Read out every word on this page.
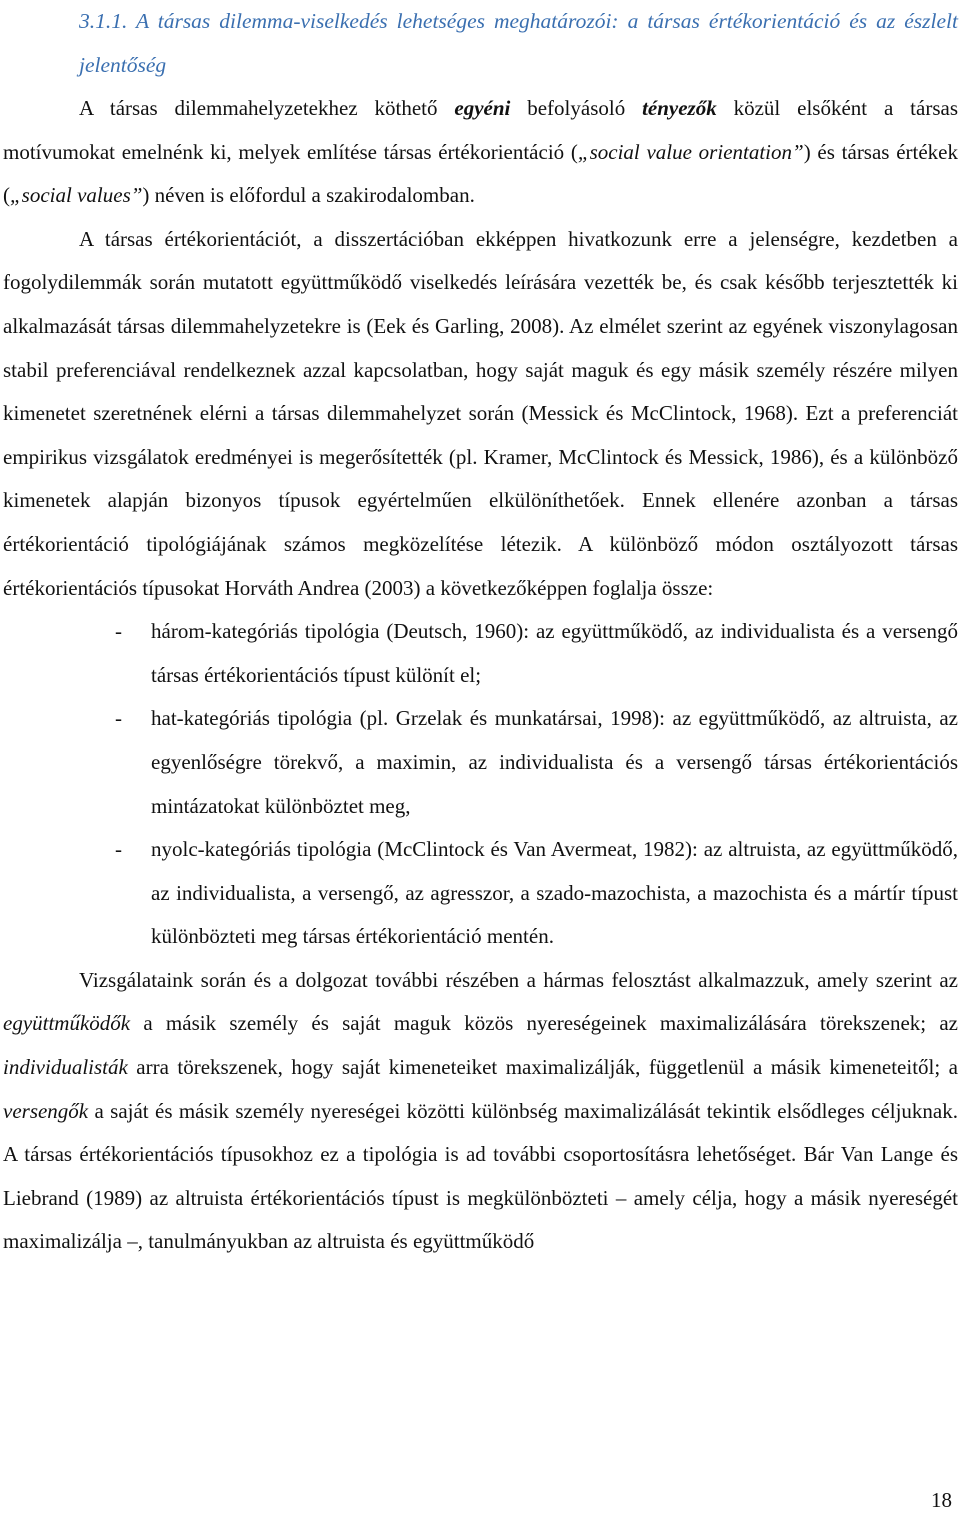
3.1.1. A társas dilemma-viselkedés lehetséges meghatározói: a társas értékorientáció és az észlelt jelentőség

A társas dilemmahelyzetekhez köthető egyéni befolyásoló tényezők közül elsőként a társas motívumokat emelnénk ki, melyek említése társas értékorientáció („social value orientation”) és társas értékek („social values”) néven is előfordul a szakirodalomban.

A társas értékorientációt, a disszertációban ekképpen hivatkozunk erre a jelenségre, kezdetben a fogolydilemmák során mutatott együttműködő viselkedés leírására vezették be, és csak később terjesztették ki alkalmazását társas dilemmahelyzetekre is (Eek és Garling, 2008). Az elmélet szerint az egyének viszonylagosan stabil preferenciával rendelkeznek azzal kapcsolatban, hogy saját maguk és egy másik személy részére milyen kimenetet szeretnének elérni a társas dilemmahelyzet során (Messick és McClintock, 1968). Ezt a preferenciát empirikus vizsgálatok eredményei is megerősítették (pl. Kramer, McClintock és Messick, 1986), és a különböző kimenetek alapján bizonyos típusok egyértelműen elkülöníthetőek. Ennek ellenére azonban a társas értékorientáció tipológiájának számos megközelítése létezik. A különböző módon osztályozott társas értékorientációs típusokat Horváth Andrea (2003) a következőképpen foglalja össze:

- három-kategóriás tipológia (Deutsch, 1960): az együttműködő, az individualista és a versengő társas értékorientációs típust különít el;
- hat-kategóriás tipológia (pl. Grzelak és munkatársai, 1998): az együttműködő, az altruista, az egyenlőségre törekvő, a maximin, az individualista és a versengő társas értékorientációs mintázatokat különböztet meg,
- nyolc-kategóriás tipológia (McClintock és Van Avermeat, 1982): az altruista, az együttműködő, az individualista, a versengő, az agresszor, a szado-mazochista, a mazochista és a mártír típust különbözteti meg társas értékorientáció mentén.

Vizsgálataink során és a dolgozat további részében a hármas felosztást alkalmazzuk, amely szerint az együttműködők a másik személy és saját maguk közös nyereségeinek maximalizálására törekszenek; az individualisták arra törekszenek, hogy saját kimeneteiket maximalizálják, függetlenül a másik kimeneteitől; a versengők a saját és másik személy nyereségei közötti különbség maximalizálását tekintik elsődleges céljuknak. A társas értékorientációs típusokhoz ez a tipológia is ad további csoportosításra lehetőséget. Bár Van Lange és Liebrand (1989) az altruista értékorientációs típust is megkülönbözteti – amely célja, hogy a másik nyereségét maximalizálja –, tanulmányukban az altruista és együttműködő

18
